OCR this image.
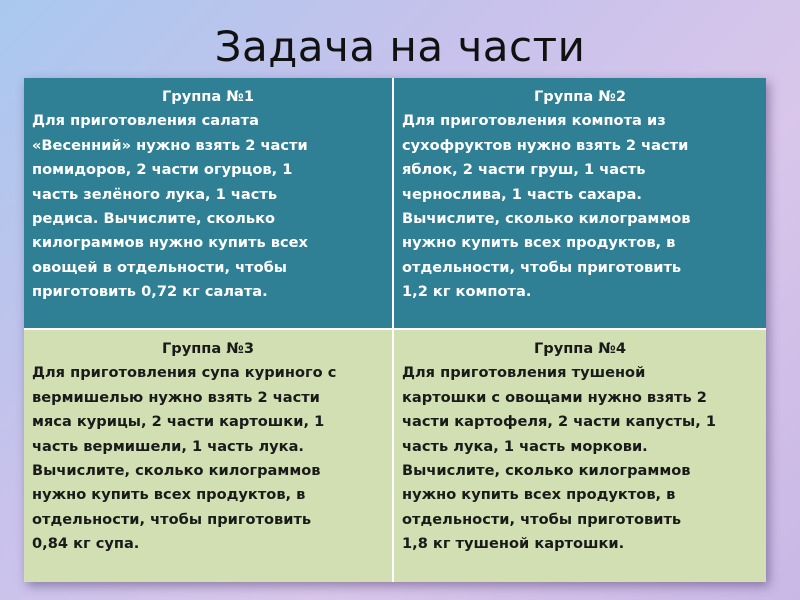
Задача на части
Группа №1
Для приготовления салата
«Весенний» нужно взять 2 части
помидоров, 2 части огурцов, 1
часть зелёного лука, 1 часть
редиса. Вычислите, сколько
килограммов нужно купить всех
овощей в отдельности, чтобы
приготовить 0,72 кг салата.
Группа №2
Для приготовления компота из
сухофруктов нужно взять 2 части
яблок, 2 части груш, 1 часть
чернослива, 1 часть сахара.
Вычислите, сколько килограммов
нужно купить всех продуктов, в
отдельности, чтобы приготовить
1,2 кг компота.
Группа №3
Для приготовления супа куриного с
вермишелью нужно взять 2 части
мяса курицы, 2 части картошки, 1
часть вермишели, 1 часть лука.
Вычислите, сколько килограммов
нужно купить всех продуктов, в
отдельности, чтобы приготовить
0,84 кг супа.
Группа №4
Для приготовления тушеной
картошки с овощами нужно взять 2
части картофеля, 2 части капусты, 1
часть лука, 1 часть моркови.
Вычислите, сколько килограммов
нужно купить всех продуктов, в
отдельности, чтобы приготовить
1,8 кг тушеной картошки.
